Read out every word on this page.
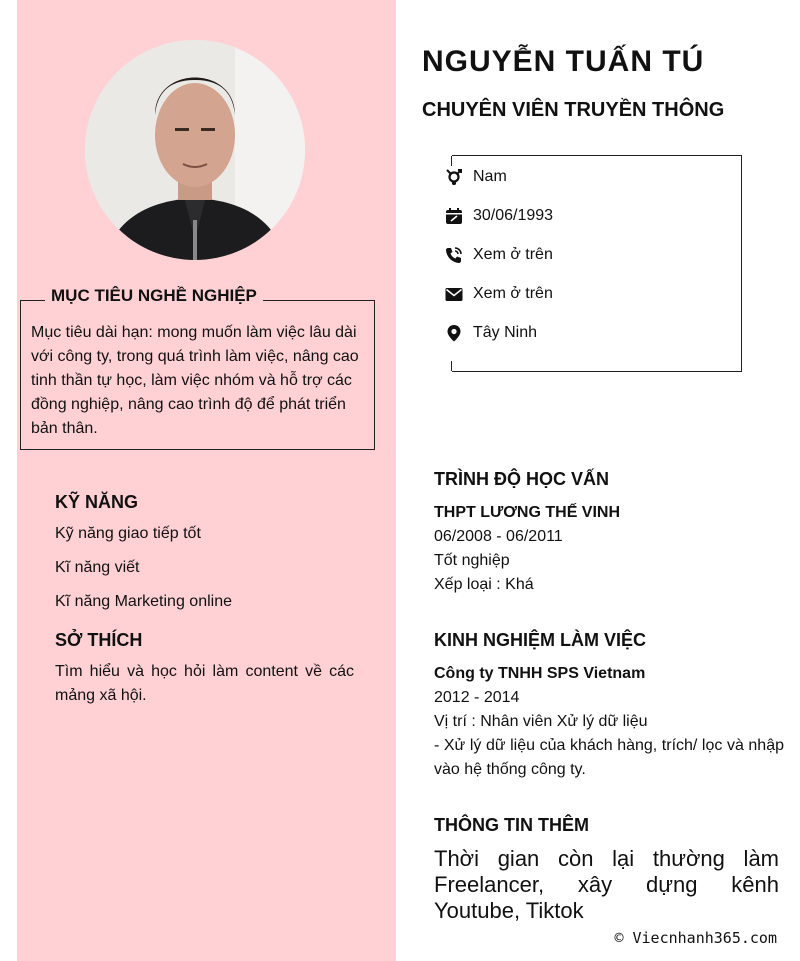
MỤC TIÊU NGHỀ NGHIỆP
Mục tiêu dài hạn: mong muốn làm việc lâu dài với công ty, trong quá trình làm việc, nâng cao tinh thần tự học, làm việc nhóm và hỗ trợ các đồng nghiệp, nâng cao trình độ để phát triển bản thân.
KỸ NĂNG
Kỹ năng giao tiếp tốt
Kĩ năng viết
Kĩ năng Marketing online
SỞ THÍCH
Tìm hiểu và học hỏi làm content về các mảng xã hội.
NGUYỄN TUẤN TÚ
CHUYÊN VIÊN TRUYỀN THÔNG
Nam
30/06/1993
Xem ở trên
Xem ở trên
Tây Ninh
TRÌNH ĐỘ HỌC VẤN
THPT LƯƠNG THẾ VINH
06/2008 - 06/2011
Tốt nghiệp
Xếp loại : Khá
KINH NGHIỆM LÀM VIỆC
Công ty TNHH SPS Vietnam
2012 - 2014
Vị trí : Nhân viên Xử lý dữ liệu
- Xử lý dữ liệu của khách hàng, trích/ lọc và nhập vào hệ thống công ty.
THÔNG TIN THÊM
Thời gian còn lại thường làm Freelancer, xây dựng kênh Youtube, Tiktok
© Viecnhanh365.com
